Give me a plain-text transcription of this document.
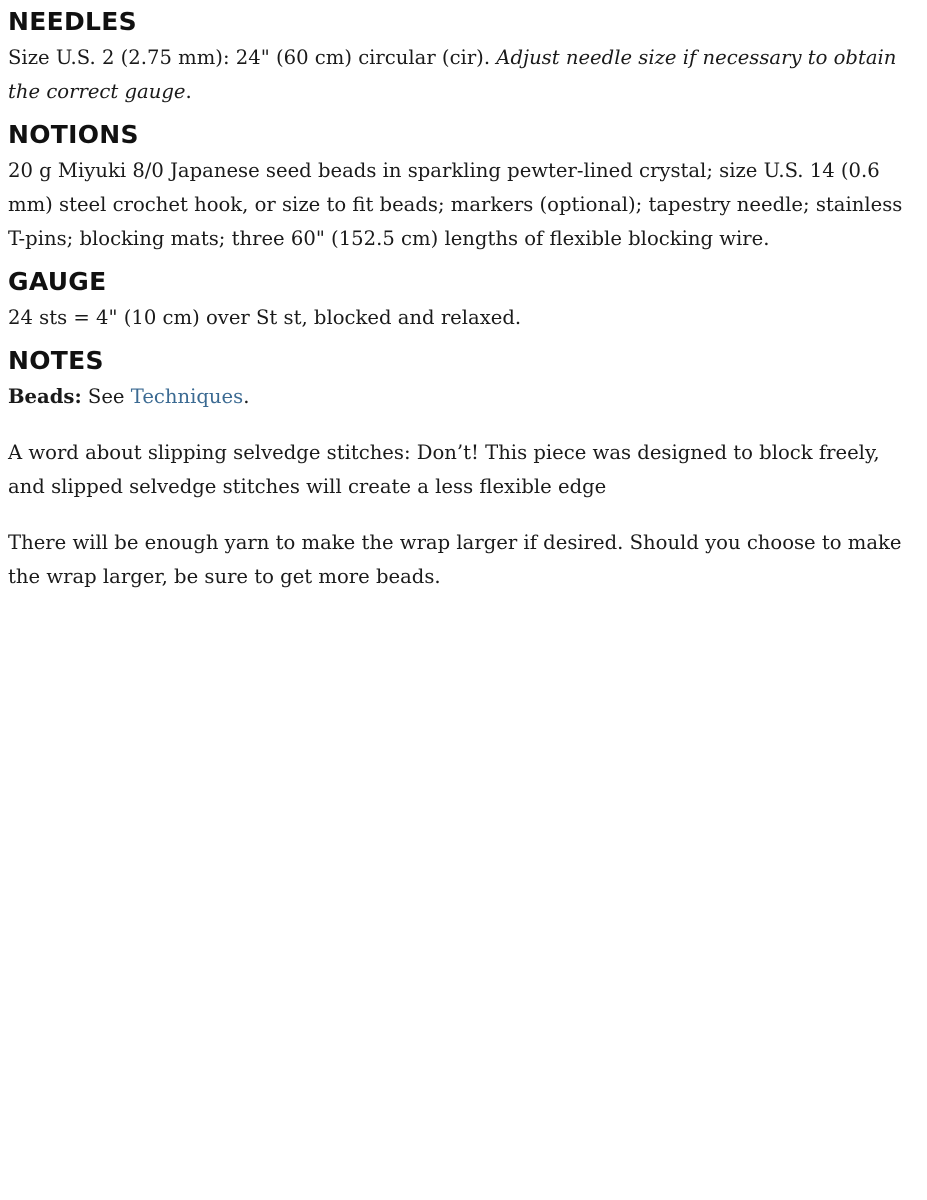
NEEDLES

Size U.S. 2 (2.75 mm): 24" (60 cm) circular (cir). Adjust needle size if necessary to obtain
the correct gauge.

NOTIONS

20 g Miyuki 8/0 Japanese seed beads in sparkling pewter-lined crystal; size U.S. 14 (0.6
mm) steel crochet hook, or size to fit beads; markers (optional); tapestry needle; stainless
T-pins; blocking mats; three 60" (152.5 cm) lengths of flexible blocking wire.

GAUGE

24 sts = 4" (10 cm) over St st, blocked and relaxed.

NOTES

Beads: See Techniques.

A word about slipping selvedge stitches: Don’t! This piece was designed to block freely,
and slipped selvedge stitches will create a less flexible edge

There will be enough yarn to make the wrap larger if desired. Should you choose to make
the wrap larger, be sure to get more beads.
